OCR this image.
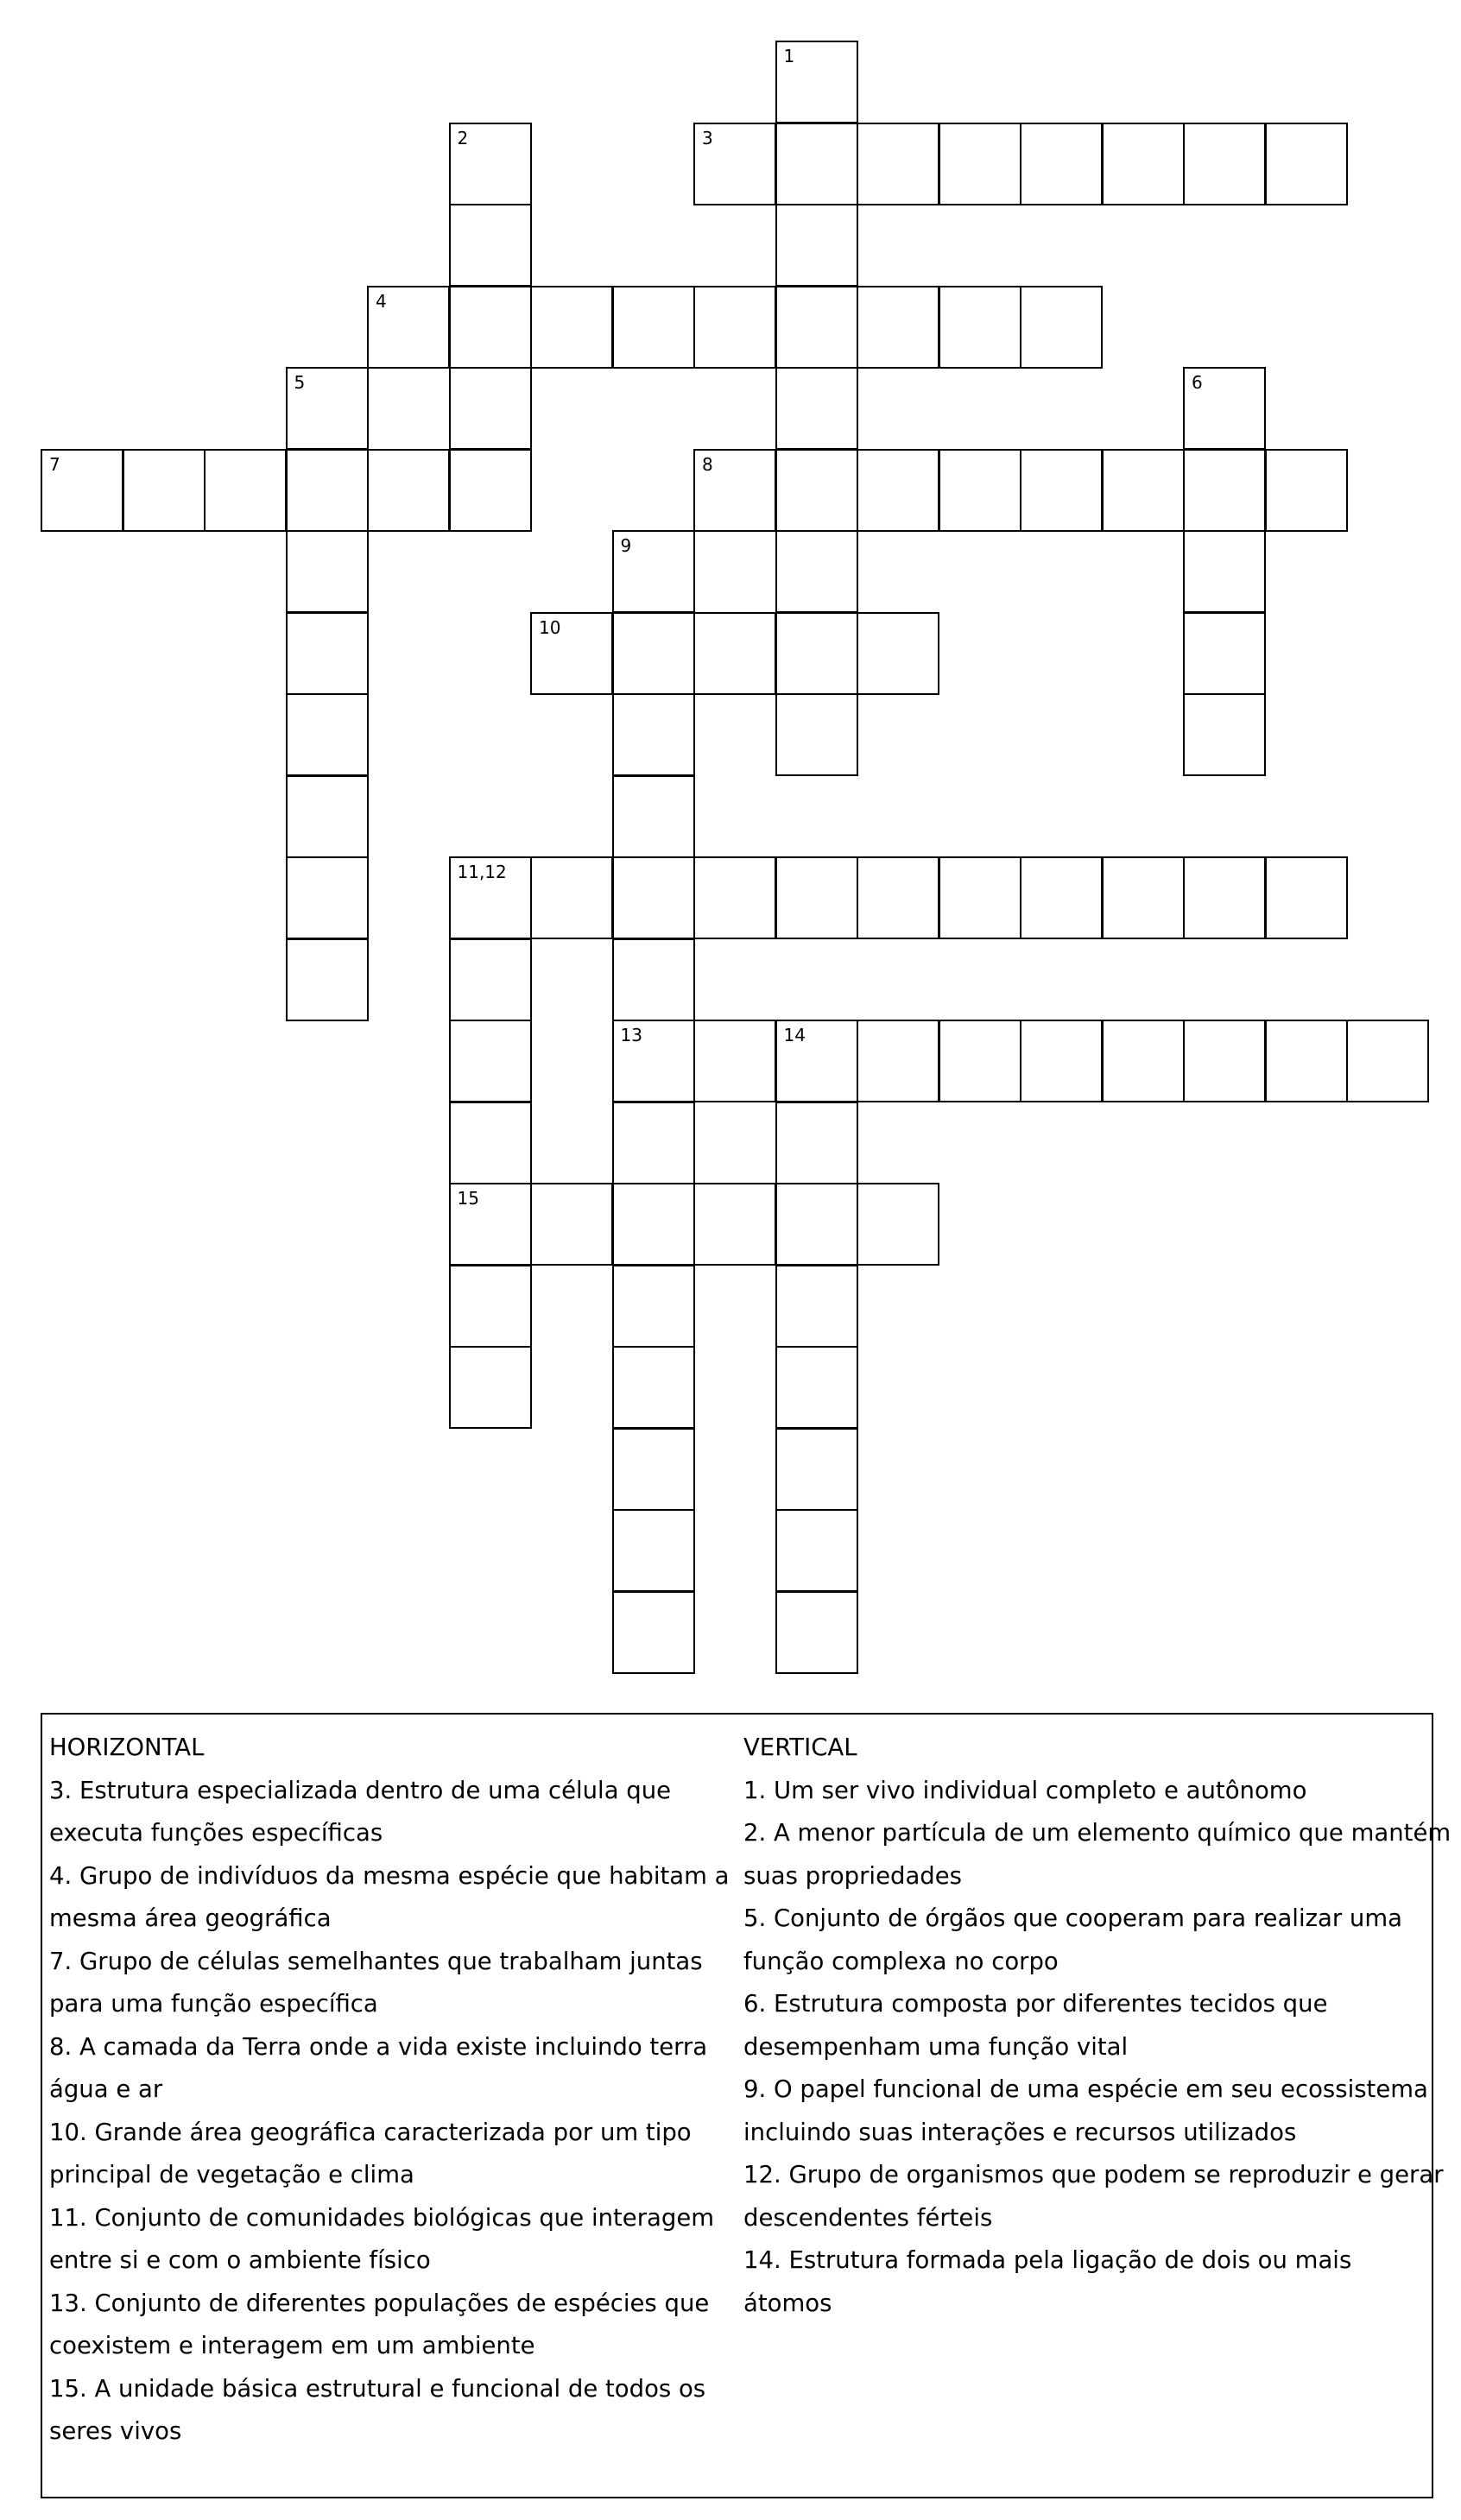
1
2	3
4
5	6
7	8
9
13
10
11,12
15
14
HORIZONTAL
3. Estrutura especializada dentro de uma célula que
executa funções específicas
4. Grupo de indivíduos da mesma espécie que habitam a
mesma área geográfica
7. Grupo de células semelhantes que trabalham juntas
para uma função específica
8. A camada da Terra onde a vida existe incluindo terra
água e ar
10. Grande área geográfica caracterizada por um tipo
principal de vegetação e clima
11. Conjunto de comunidades biológicas que interagem
entre si e com o ambiente físico
13. Conjunto de diferentes populações de espécies que
coexistem e interagem em um ambiente
15. A unidade básica estrutural e funcional de todos os
seres vivos
VERTICAL
1. Um ser vivo individual completo e autônomo
2. A menor partícula de um elemento químico que mantém
suas propriedades
5. Conjunto de órgãos que cooperam para realizar uma
função complexa no corpo
6. Estrutura composta por diferentes tecidos que
desempenham uma função vital
9. O papel funcional de uma espécie em seu ecossistema
incluindo suas interações e recursos utilizados
12. Grupo de organismos que podem se reproduzir e gerar
descendentes férteis
14. Estrutura formada pela ligação de dois ou mais
átomos
